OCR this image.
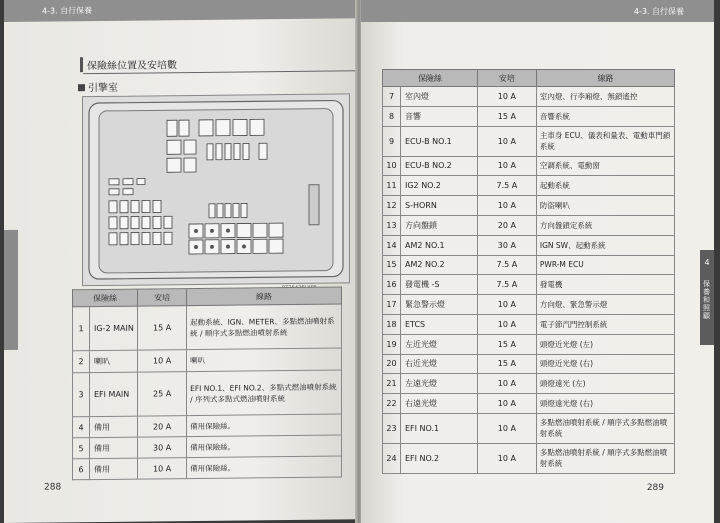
4-3. 自行保養
保險絲位置及安培數
引擎室
保險絲		安培	線路
1	IG-2 MAIN	15 A	起動系統、IGN、METER、多點燃油噴射系統 / 順序式多點燃油噴射系統
2	喇叭	10 A	喇叭
3	EFI MAIN	25 A	EFI NO.1、EFI NO.2、多點式燃油噴射系統 / 序列式多點式燃油噴射系統
4	備用	20 A	備用保險絲。
5	備用	30 A	備用保險絲。
6	備用	10 A	備用保險絲。
288
4-3. 自行保養
4
保養和照顧
保險絲		安培	線路
7	室內燈	10 A	室內燈、行李廂燈、無鎖遙控
8	音響	15 A	音響系統
9	ECU-B NO.1	10 A	主車身 ECU、儀表和量表、電動車門鎖系統
10	ECU-B NO.2	10 A	空調系統、電動窗
11	IG2 NO.2	7.5 A	起動系統
12	S-HORN	10 A	防盜喇叭
13	方向盤鎖	20 A	方向盤鎖定系統
14	AM2 NO.1	30 A	IGN SW、起動系統
15	AM2 NO.2	7.5 A	PWR-M ECU
16	發電機 -S	7.5 A	發電機
17	緊急警示燈	10 A	方向燈、緊急警示燈
18	ETCS	10 A	電子節汽門控制系統
19	左近光燈	15 A	頭燈近光燈 (左)
20	右近光燈	15 A	頭燈近光燈 (右)
21	左遠光燈	10 A	頭燈遠光 (左)
22	右遠光燈	10 A	頭燈遠光燈 (右)
23	EFI NO.1	10 A	多點燃油噴射系統 / 順序式多點燃油噴射系統
24	EFI NO.2	10 A	多點燃油噴射系統 / 順序式多點燃油噴射系統
289
